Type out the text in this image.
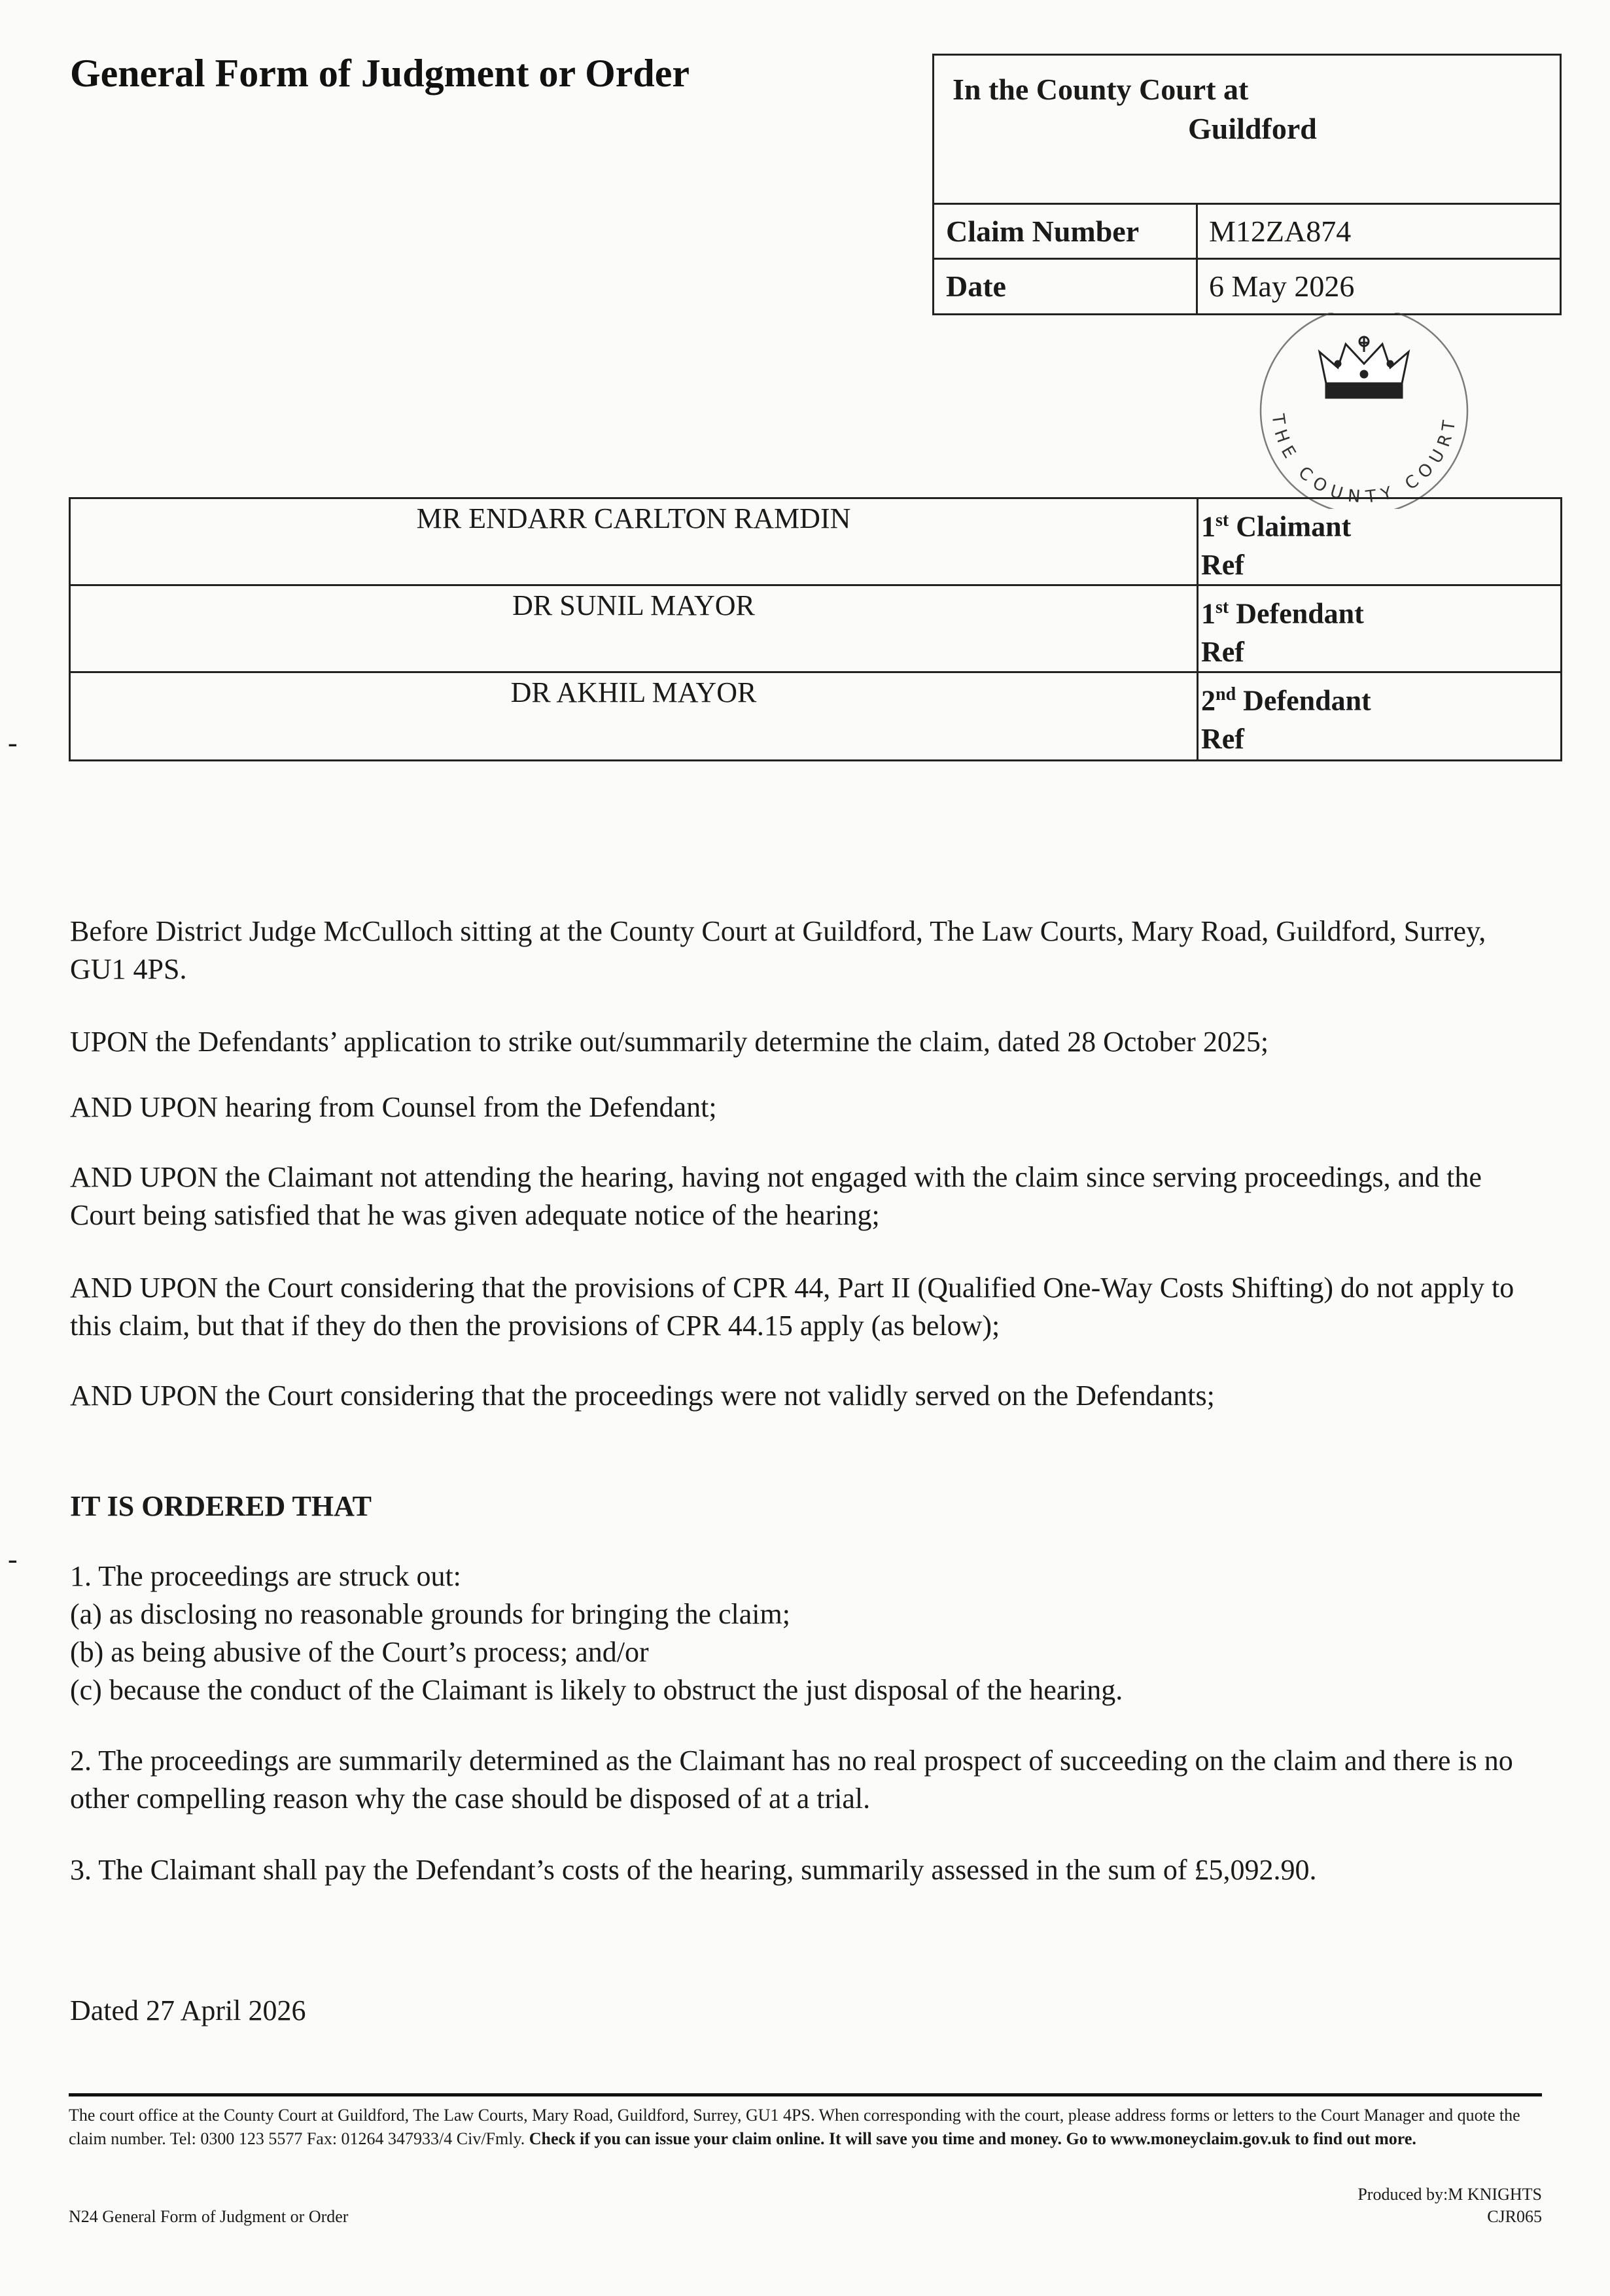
General Form of Judgment or Order	In the County Court at
Guildford
Claim Number	M12ZA874
Date	6 May 2026
THE COUNTY COURT
MR ENDARR CARLTON RAMDIN	1st Claimant
Ref
DR SUNIL MAYOR	1st Defendant
Ref
DR AKHIL MAYOR	2nd Defendant
Ref
-
-
Before District Judge McCulloch sitting at the County Court at Guildford, The Law Courts, Mary Road, Guildford, Surrey, GU1 4PS.
UPON the Defendants’ application to strike out/summarily determine the claim, dated 28 October 2025;
AND UPON hearing from Counsel from the Defendant;
AND UPON the Claimant not attending the hearing, having not engaged with the claim since serving proceedings, and the Court being satisfied that he was given adequate notice of the hearing;
AND UPON the Court considering that the provisions of CPR 44, Part II (Qualified One-Way Costs Shifting) do not apply to this claim, but that if they do then the provisions of CPR 44.15 apply (as below);
AND UPON the Court considering that the proceedings were not validly served on the Defendants;
IT IS ORDERED THAT
1. The proceedings are struck out:
(a) as disclosing no reasonable grounds for bringing the claim;
(b) as being abusive of the Court’s process; and/or
(c) because the conduct of the Claimant is likely to obstruct the just disposal of the hearing.
2. The proceedings are summarily determined as the Claimant has no real prospect of succeeding on the claim and there is no other compelling reason why the case should be disposed of at a trial.
3. The Claimant shall pay the Defendant’s costs of the hearing, summarily assessed in the sum of £5,092.90.
Dated 27 April 2026
The court office at the County Court at Guildford, The Law Courts, Mary Road, Guildford, Surrey, GU1 4PS. When corresponding with the court, please address forms or letters to the Court Manager and quote the claim number. Tel: 0300 123 5577 Fax: 01264 347933/4 Civ/Fmly. Check if you can issue your claim online. It will save you time and money. Go to www.moneyclaim.gov.uk to find out more.
Produced by:M KNIGHTS
CJR065
N24 General Form of Judgment or Order
